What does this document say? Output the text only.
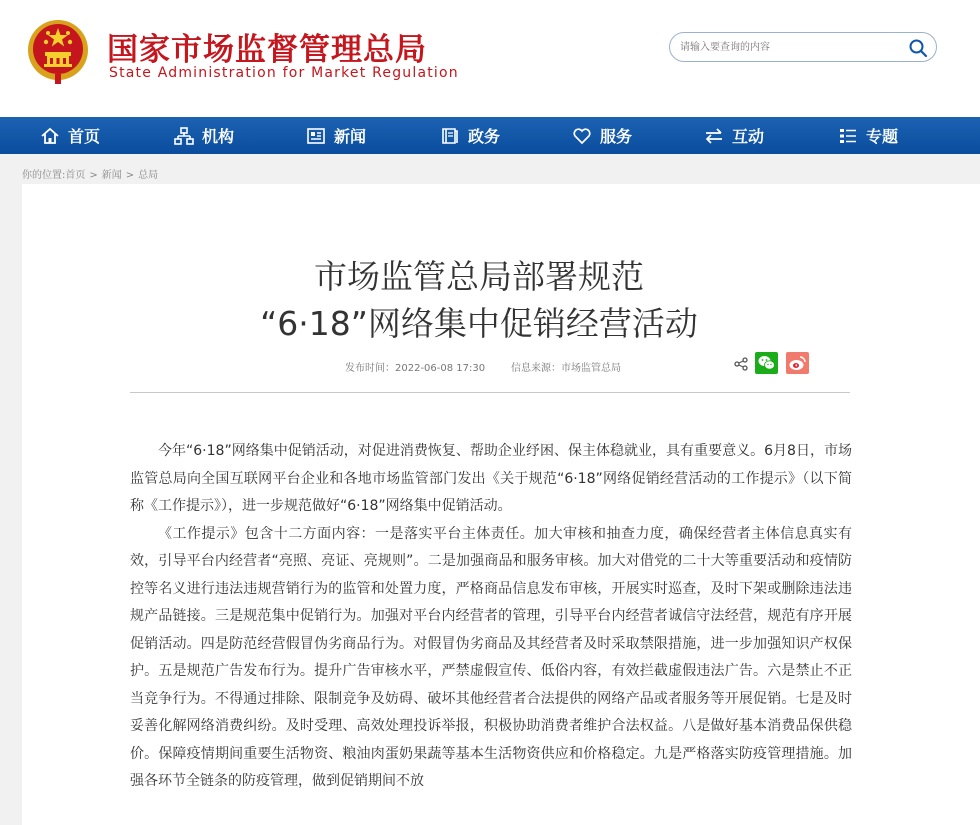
国家市场监督管理总局
State Administration for Market Regulation
请输入要查询的内容
首页	机构	新闻	政务	服务	互动	专题
你的位置:首页 > 新闻 > 总局
市场监管总局部署规范
“6·18”网络集中促销经营活动
发布时间：2022-06-08 17:30	信息来源：市场监管总局

今年“6·18”网络集中促销活动，对促进消费恢复、帮助企业纾困、保主体稳就业，具有重要意义。6月8日，市场监管总局向全国互联网平台企业和各地市场监管部门发出《关于规范“6·18”网络促销经营活动的工作提示》（以下简称《工作提示》），进一步规范做好“6·18”网络集中促销活动。

《工作提示》包含十二方面内容：一是落实平台主体责任。加大审核和抽查力度，确保经营者主体信息真实有效，引导平台内经营者“亮照、亮证、亮规则”。二是加强商品和服务审核。加大对借党的二十大等重要活动和疫情防控等名义进行违法违规营销行为的监管和处置力度，严格商品信息发布审核，开展实时巡查，及时下架或删除违法违规产品链接。三是规范集中促销行为。加强对平台内经营者的管理，引导平台内经营者诚信守法经营，规范有序开展促销活动。四是防范经营假冒伪劣商品行为。对假冒伪劣商品及其经营者及时采取禁限措施，进一步加强知识产权保护。五是规范广告发布行为。提升广告审核水平，严禁虚假宣传、低俗内容，有效拦截虚假违法广告。六是禁止不正当竞争行为。不得通过排除、限制竞争及妨碍、破坏其他经营者合法提供的网络产品或者服务等开展促销。七是及时妥善化解网络消费纠纷。及时受理、高效处理投诉举报，积极协助消费者维护合法权益。八是做好基本消费品保供稳价。保障疫情期间重要生活物资、粮油肉蛋奶果蔬等基本生活物资供应和价格稳定。九是严格落实防疫管理措施。加强各环节全链条的防疫管理，做到促销期间不放
